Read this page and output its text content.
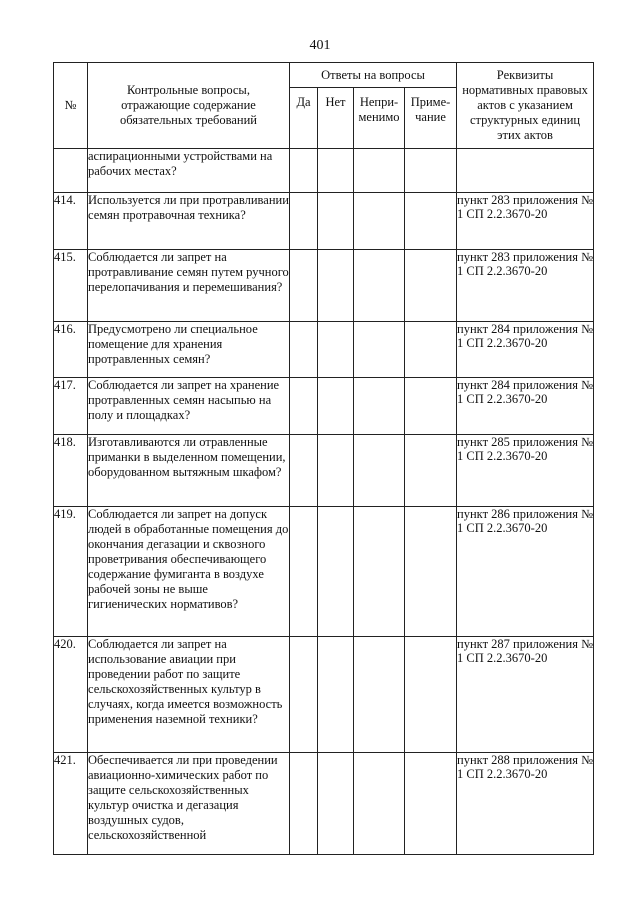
401
№	Контрольные вопросы, отражающие содержание обязательных требований	Ответы на вопросы				Реквизиты нормативных правовых актов с указанием структурных единиц этих актов
		Да	Нет	Непри-менимо	Приме-чание	
	аспирационными устройствами на рабочих местах?					
414.	Используется ли при протравливании семян протравочная техника?					пункт 283 приложения № 1 СП 2.2.3670-20
415.	Соблюдается ли запрет на протравливание семян путем ручного перелопачивания и перемешивания?					пункт 283 приложения № 1 СП 2.2.3670-20
416.	Предусмотрено ли специальное помещение для хранения протравленных семян?					пункт 284 приложения № 1 СП 2.2.3670-20
417.	Соблюдается ли запрет на хранение протравленных семян насыпью на полу и площадках?					пункт 284 приложения № 1 СП 2.2.3670-20
418.	Изготавливаются ли отравленные приманки в выделенном помещении, оборудованном вытяжным шкафом?					пункт 285 приложения № 1 СП 2.2.3670-20
419.	Соблюдается ли запрет на допуск людей в обработанные помещения до окончания дегазации и сквозного проветривания обеспечивающего содержание фумиганта в воздухе рабочей зоны не выше гигиенических нормативов?					пункт 286 приложения № 1 СП 2.2.3670-20
420.	Соблюдается ли запрет на использование авиации при проведении работ по защите сельскохозяйственных культур в случаях, когда имеется возможность применения наземной техники?					пункт 287 приложения № 1 СП 2.2.3670-20
421.	Обеспечивается ли при проведении авиационно-химических работ по защите сельскохозяйственных культур очистка и дегазация воздушных судов, сельскохозяйственной					пункт 288 приложения № 1 СП 2.2.3670-20
